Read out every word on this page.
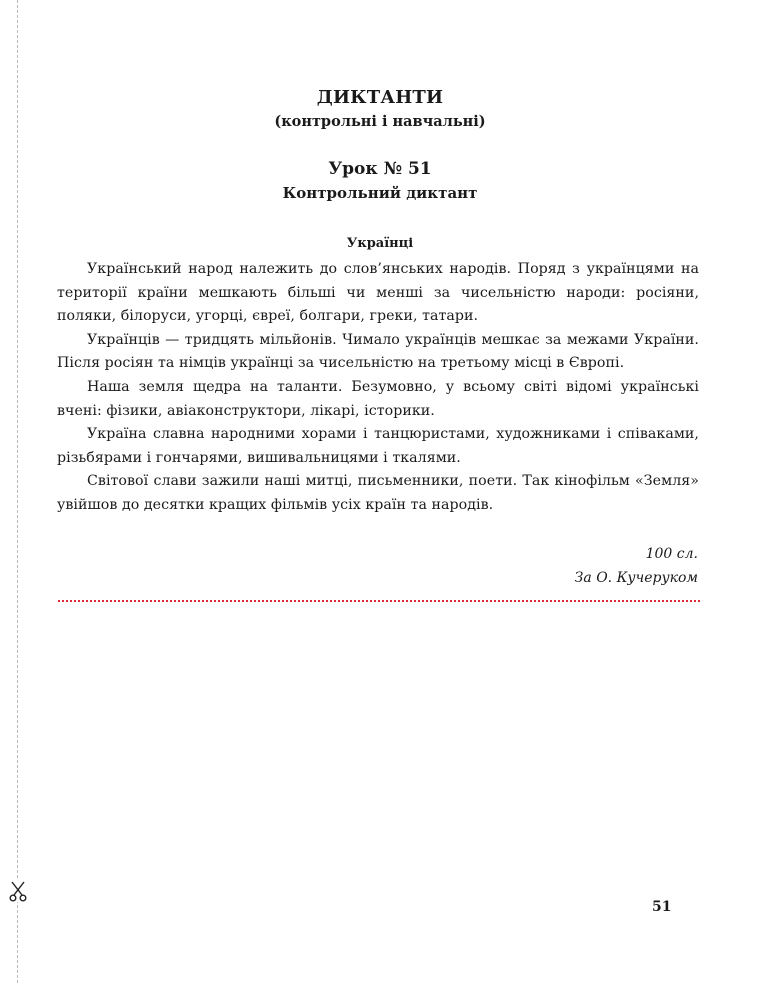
ДИКТАНТИ
(контрольні і навчальні)
Урок № 51
Контрольний диктант
Українці

Український народ належить до слов’янських народів. Поряд з українцями на території країни мешкають більші чи менші за чисельністю народи: росіяни, поляки, білоруси, угорці, євреї, болгари, греки, татари.

Українців — тридцять мільйонів. Чимало українців мешкає за межами України. Після росіян та німців українці за чисельністю на третьому місці в Європі.

Наша земля щедра на таланти. Безумовно, у всьому світі відомі українські вчені: фізики, авіаконструктори, лікарі, історики.

Україна славна народними хорами і танцюристами, художниками і співаками, різьбярами і гончарями, вишивальницями і ткалями.

Світової слави зажили наші митці, письменники, поети. Так кінофільм «Земля» увійшов до десятки кращих фільмів усіх країн та народів.

100 сл.

За О. Кучеруком

51
